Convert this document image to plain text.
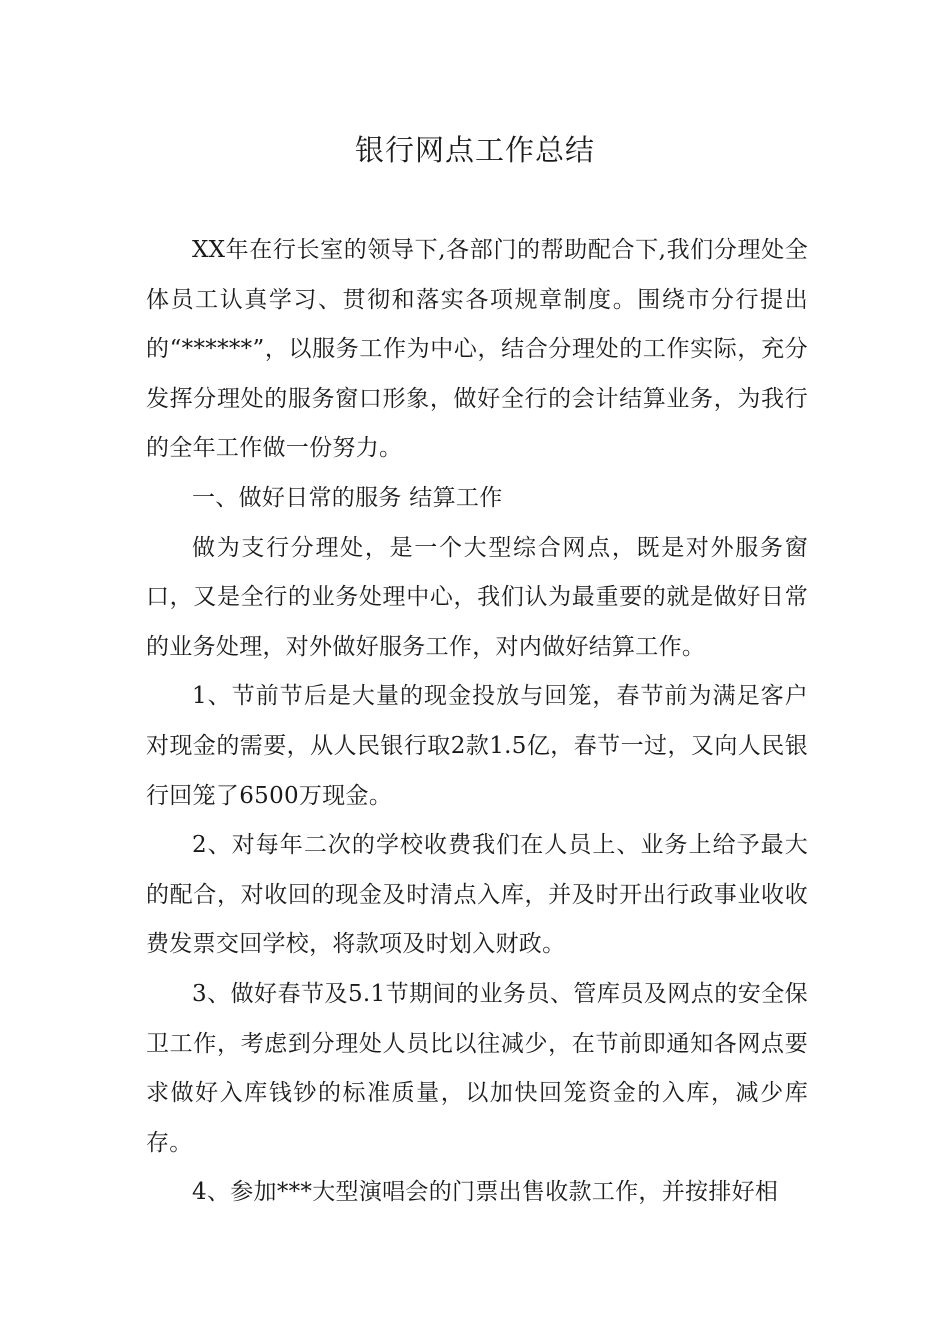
银行网点工作总结

XX年在行长室的领导下,各部门的帮助配合下,我们分理处全体员工认真学习、贯彻和落实各项规章制度。围绕市分行提出的“******”，以服务工作为中心，结合分理处的工作实际，充分发挥分理处的服务窗口形象，做好全行的会计结算业务，为我行的全年工作做一份努力。

一、做好日常的服务 结算工作

做为支行分理处，是一个大型综合网点，既是对外服务窗口，又是全行的业务处理中心，我们认为最重要的就是做好日常的业务处理，对外做好服务工作，对内做好结算工作。

1、节前节后是大量的现金投放与回笼，春节前为满足客户对现金的需要，从人民银行取2款1.5亿，春节一过，又向人民银行回笼了6500万现金。

2、对每年二次的学校收费我们在人员上、业务上给予最大的配合，对收回的现金及时清点入库，并及时开出行政事业收收费发票交回学校，将款项及时划入财政。

3、做好春节及5.1节期间的业务员、管库员及网点的安全保卫工作，考虑到分理处人员比以往减少，在节前即通知各网点要求做好入库钱钞的标准质量，以加快回笼资金的入库，减少库存。

4、参加***大型演唱会的门票出售收款工作，并按排好相
